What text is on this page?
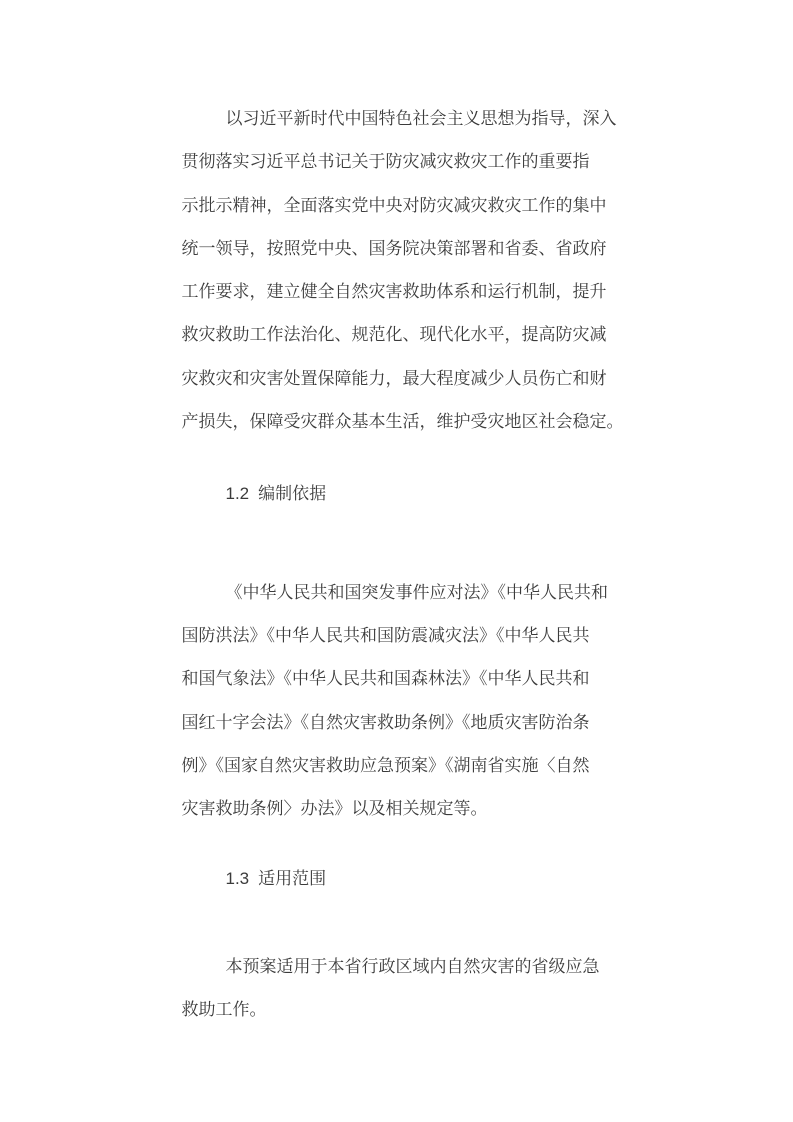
以习近平新时代中国特色社会主义思想为指导，深入
贯彻落实习近平总书记关于防灾减灾救灾工作的重要指
示批示精神，全面落实党中央对防灾减灾救灾工作的集中
统一领导，按照党中央、国务院决策部署和省委、省政府
工作要求，建立健全自然灾害救助体系和运行机制，提升
救灾救助工作法治化、规范化、现代化水平，提高防灾减
灾救灾和灾害处置保障能力，最大程度减少人员伤亡和财
产损失，保障受灾群众基本生活，维护受灾地区社会稳定。

1.2 编制依据

《中华人民共和国突发事件应对法》《中华人民共和
国防洪法》《中华人民共和国防震减灾法》《中华人民共
和国气象法》《中华人民共和国森林法》《中华人民共和
国红十字会法》《自然灾害救助条例》《地质灾害防治条
例》《国家自然灾害救助应急预案》《湖南省实施〈自然
灾害救助条例〉办法》以及相关规定等。

1.3 适用范围

本预案适用于本省行政区域内自然灾害的省级应急
救助工作。
